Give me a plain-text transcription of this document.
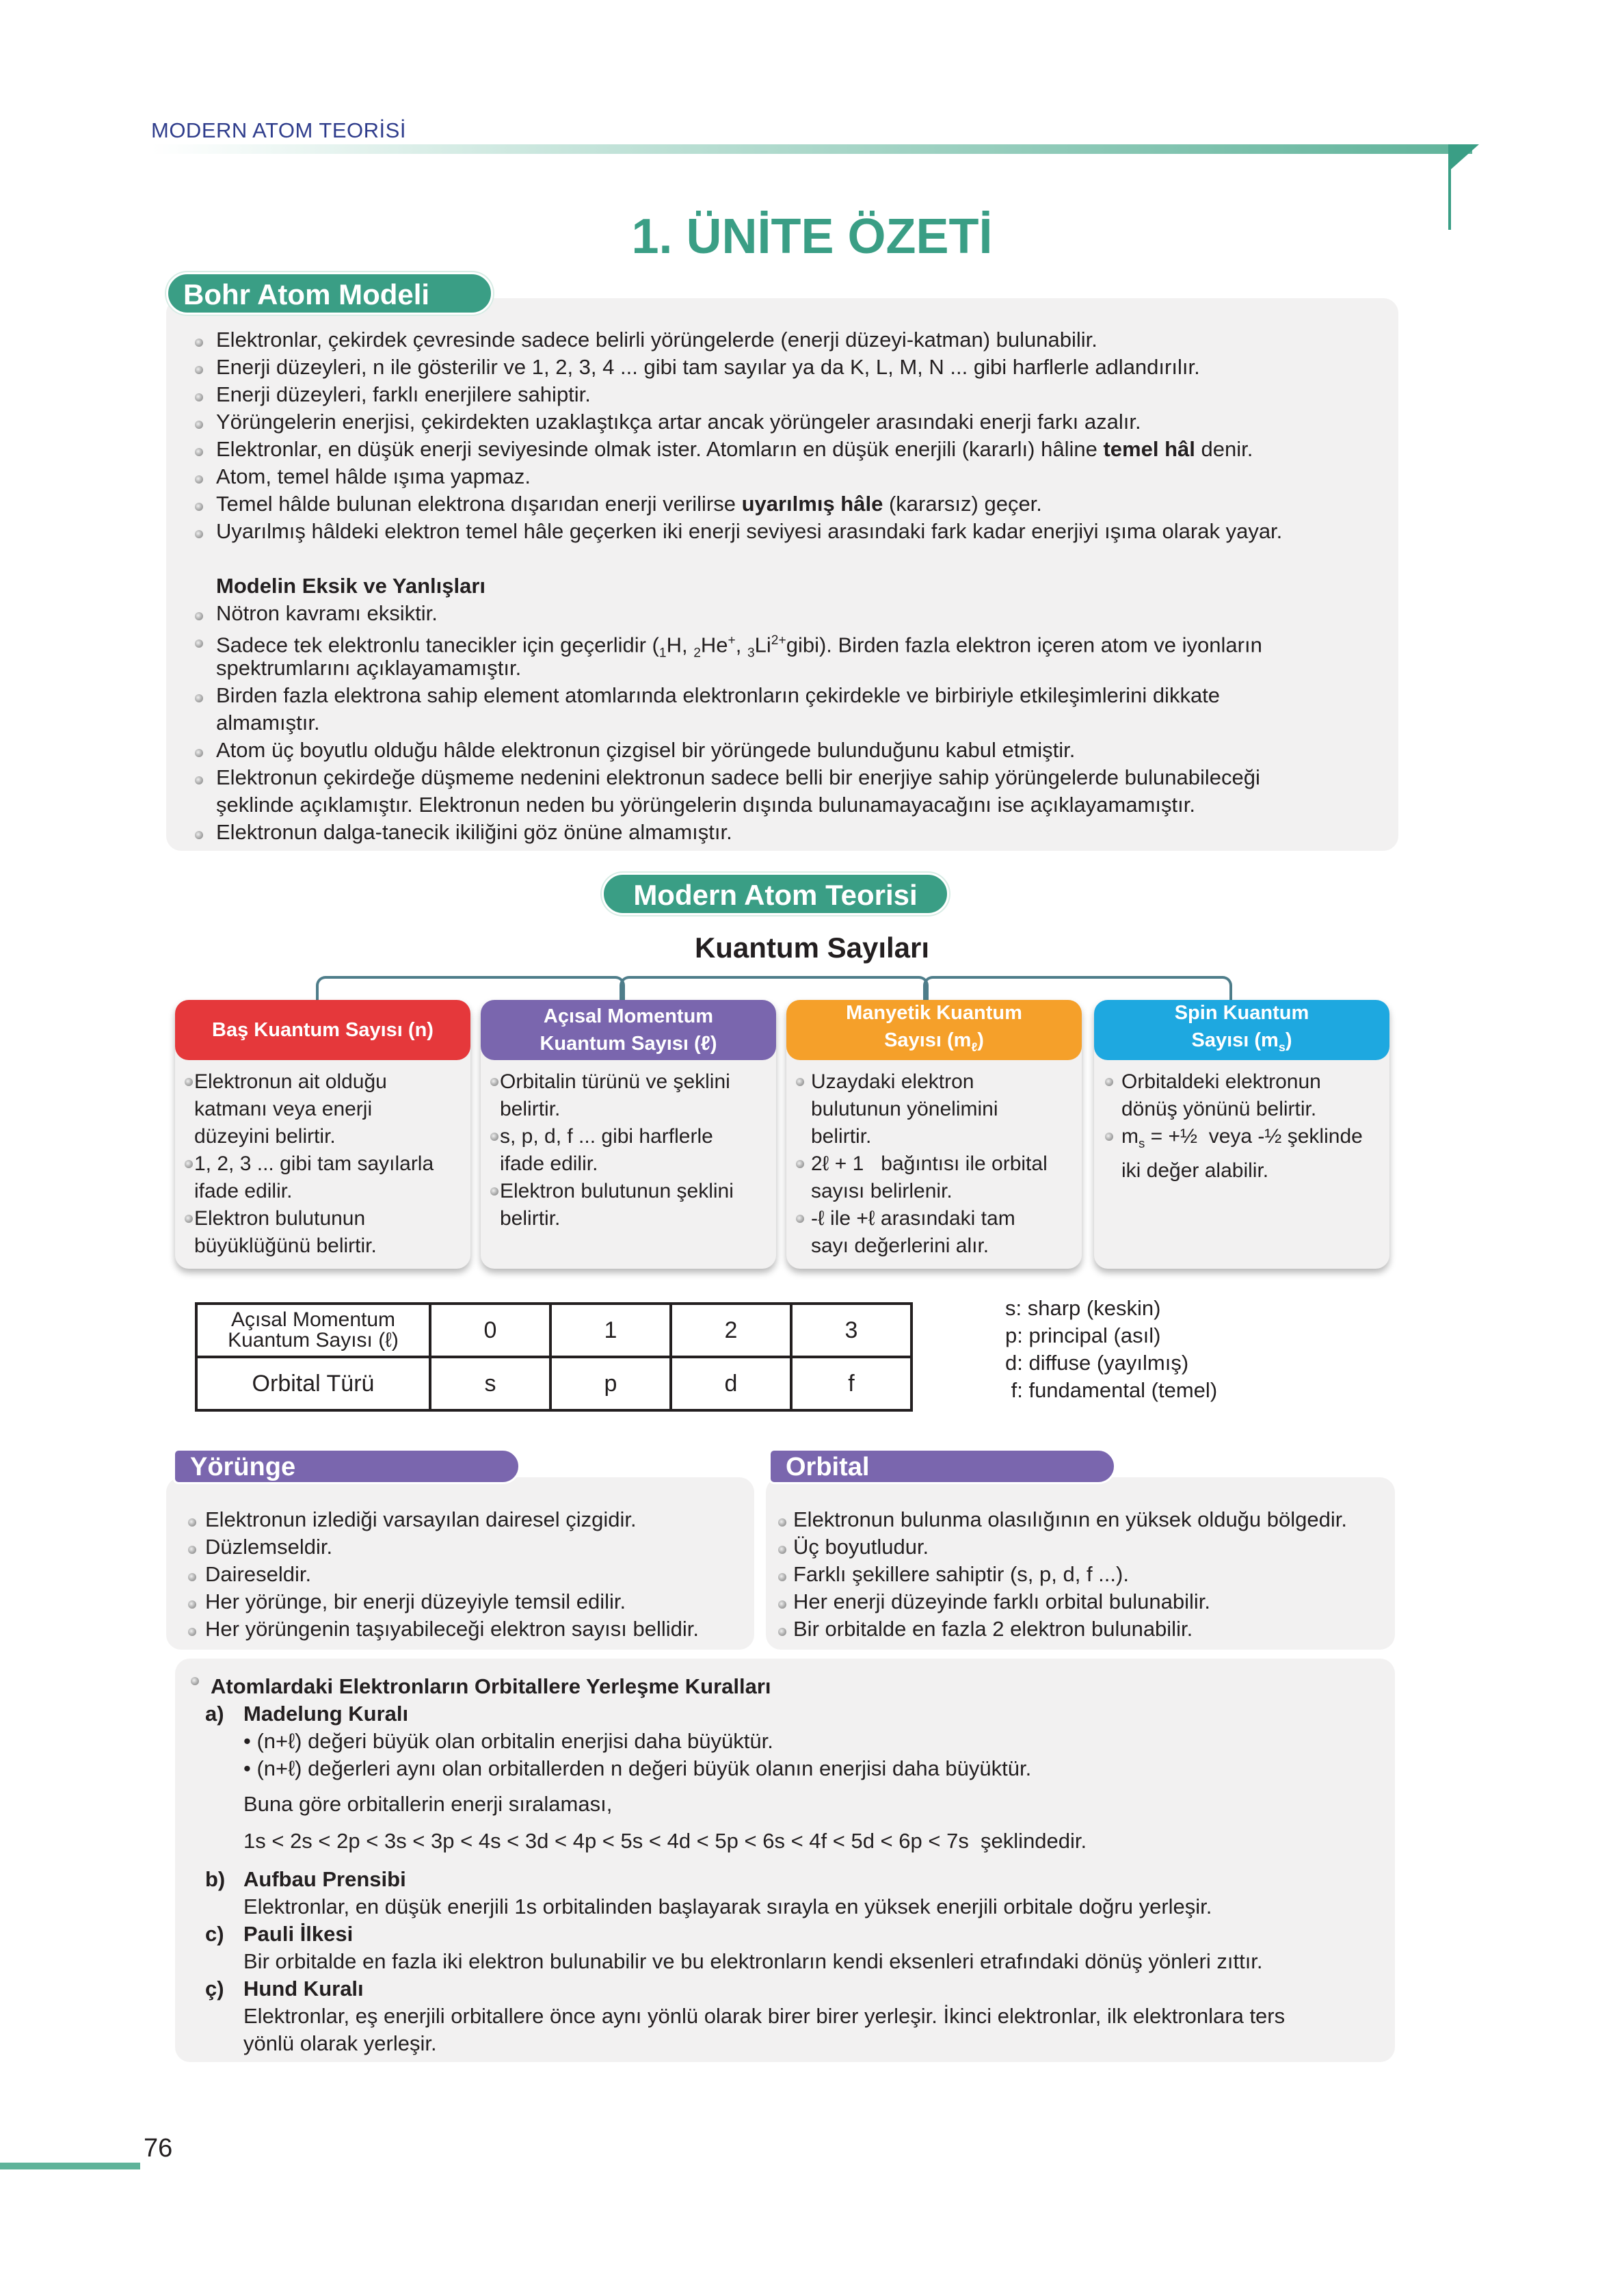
MODERN ATOM TEORİSİ
1. ÜNİTE ÖZETİ
Bohr Atom Modeli
Elektronlar, çekirdek çevresinde sadece belirli yörüngelerde (enerji düzeyi-katman) bulunabilir.
Enerji düzeyleri, n ile gösterilir ve 1, 2, 3, 4 ... gibi tam sayılar ya da K, L, M, N ... gibi harflerle adlandırılır.
Enerji düzeyleri, farklı enerjilere sahiptir.
Yörüngelerin enerjisi, çekirdekten uzaklaştıkça artar ancak yörüngeler arasındaki enerji farkı azalır.
Elektronlar, en düşük enerji seviyesinde olmak ister. Atomların en düşük enerjili (kararlı) hâline temel hâl denir.
Atom, temel hâlde ışıma yapmaz.
Temel hâlde bulunan elektrona dışarıdan enerji verilirse uyarılmış hâle (kararsız) geçer.
Uyarılmış hâldeki elektron temel hâle geçerken iki enerji seviyesi arasındaki fark kadar enerjiyi ışıma olarak yayar.
Modelin Eksik ve Yanlışları
Nötron kavramı eksiktir.
Sadece tek elektronlu tanecikler için geçerlidir ($_1H$, $_2$He+, $_3Li^{2+}gibi$). Birden fazla elektron içeren atom ve iyonların
spektrumlarını açıklayamamıştır.
Birden fazla elektrona sahip element atomlarında elektronların çekirdekle ve birbiriyle etkileşimlerini dikkate
almamıştır.
Atom üç boyutlu olduğu hâlde elektronun çizgisel bir yörüngede bulunduğunu kabul etmiştir.
Elektronun çekirdeğe düşmeme nedenini elektronun sadece belli bir enerjiye sahip yörüngelerde bulunabileceği
şeklinde açıklamıştır. Elektronun neden bu yörüngelerin dışında bulunamayacağını ise açıklayamamıştır.
Elektronun dalga-tanecik ikiliğini göz önüne almamıştır.
Modern Atom Teorisi
Kuantum Sayıları
Baş Kuantum Sayısı (n)
Elektronun ait olduğu
katmanı veya enerji
düzeyini belirtir.
1, 2, 3 ... gibi tam sayılarla
ifade edilir.
Elektron bulutunun
büyüklüğünü belirtir.
Açısal Momentum
Kuantum Sayısı (ℓ)
Orbitalin türünü ve şeklini
belirtir.
s, p, d, f ... gibi harflerle
ifade edilir.
Elektron bulutunun şeklini
belirtir.
Manyetik Kuantum
Sayısı $(m_\ell)$
Uzaydaki elektron
bulutunun yönelimini
belirtir.
2ℓ + 1   bağıntısı ile orbital
sayısı belirlenir.
-ℓ ile +ℓ arasındaki tam
sayı değerlerini alır.
Spin Kuantum
Sayısı $(m_s)$
Orbitaldeki elektronun
dönüş yönünü belirtir.
$m_s$ = +½  veya -½ şeklinde
iki değer alabilir.
Açısal Momentum
Kuantum Sayısı (ℓ)	0	1	2	3
Orbital Türü	s	p	d	f
s: sharp (keskin)
p: principal (asıl)
d: diffuse (yayılmış)
f: fundamental (temel)
Yörünge
Elektronun izlediği varsayılan dairesel çizgidir.
Düzlemseldir.
Daireseldir.
Her yörünge, bir enerji düzeyiyle temsil edilir.
Her yörüngenin taşıyabileceği elektron sayısı bellidir.
Orbital
Elektronun bulunma olasılığının en yüksek olduğu bölgedir.
Üç boyutludur.
Farklı şekillere sahiptir (s, p, d, f ...).
Her enerji düzeyinde farklı orbital bulunabilir.
Bir orbitalde en fazla 2 elektron bulunabilir.
Atomlardaki Elektronların Orbitallere Yerleşme Kuralları
a) Madelung Kuralı
• (n+ℓ) değeri büyük olan orbitalin enerjisi daha büyüktür.
• (n+ℓ) değerleri aynı olan orbitallerden n değeri büyük olanın enerjisi daha büyüktür.
Buna göre orbitallerin enerji sıralaması,
1s < 2s < 2p < 3s < 3p < 4s < 3d < 4p < 5s < 4d < 5p < 6s < 4f < 5d < 6p < 7s  şeklindedir.
b) Aufbau Prensibi
Elektronlar, en düşük enerjili 1s orbitalinden başlayarak sırayla en yüksek enerjili orbitale doğru yerleşir.
c) Pauli İlkesi
Bir orbitalde en fazla iki elektron bulunabilir ve bu elektronların kendi eksenleri etrafındaki dönüş yönleri zıttır.
ç) Hund Kuralı
Elektronlar, eş enerjili orbitallere önce aynı yönlü olarak birer birer yerleşir. İkinci elektronlar, ilk elektronlara ters
yönlü olarak yerleşir.
76
